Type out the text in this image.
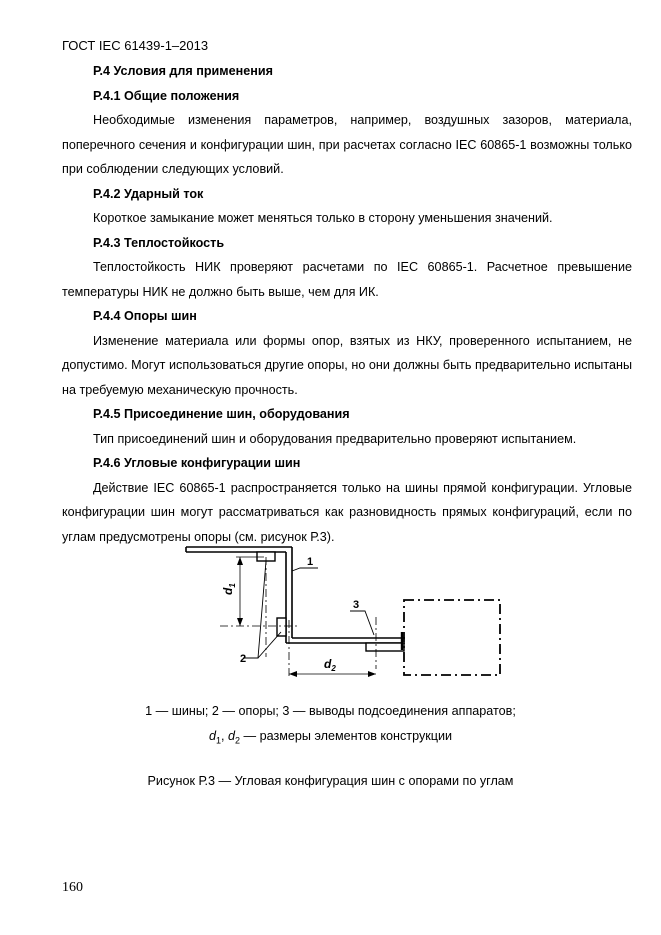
ГОСТ IEC 61439-1–2013

Р.4 Условия для применения

Р.4.1 Общие положения

Необходимые изменения параметров, например, воздушных зазоров, материала, поперечного сечения и конфигурации шин, при расчетах согласно IEC 60865-1 возможны только при соблюдении следующих условий.

Р.4.2 Ударный ток

Короткое замыкание может меняться только в сторону уменьшения значений.

Р.4.3 Теплостойкость

Теплостойкость НИК проверяют расчетами по IEC 60865-1. Расчетное превышение температуры НИК не должно быть выше, чем для ИК.

Р.4.4 Опоры шин

Изменение материала или формы опор, взятых из НКУ, проверенного испытанием, не допустимо. Могут использоваться другие опоры, но они должны быть предварительно испытаны на требуемую механическую прочность.

Р.4.5 Присоединение шин, оборудования

Тип присоединений шин и оборудования предварительно проверяют испытанием.

Р.4.6 Угловые конфигурации шин

Действие IEC 60865-1 распространяется только на шины прямой конфигурации. Угловые конфигурации шин могут рассматриваться как разновидность прямых конфигураций, если по углам предусмотрены опоры (см. рисунок Р.3).

$d_1$
$d_2$
1
2
3
1 — шины; 2 — опоры; 3 — выводы подсоединения аппаратов;
$d_1$, $d_2$ — размеры элементов конструкции
Рисунок Р.3 — Угловая конфигурация шин с опорами по углам
160
